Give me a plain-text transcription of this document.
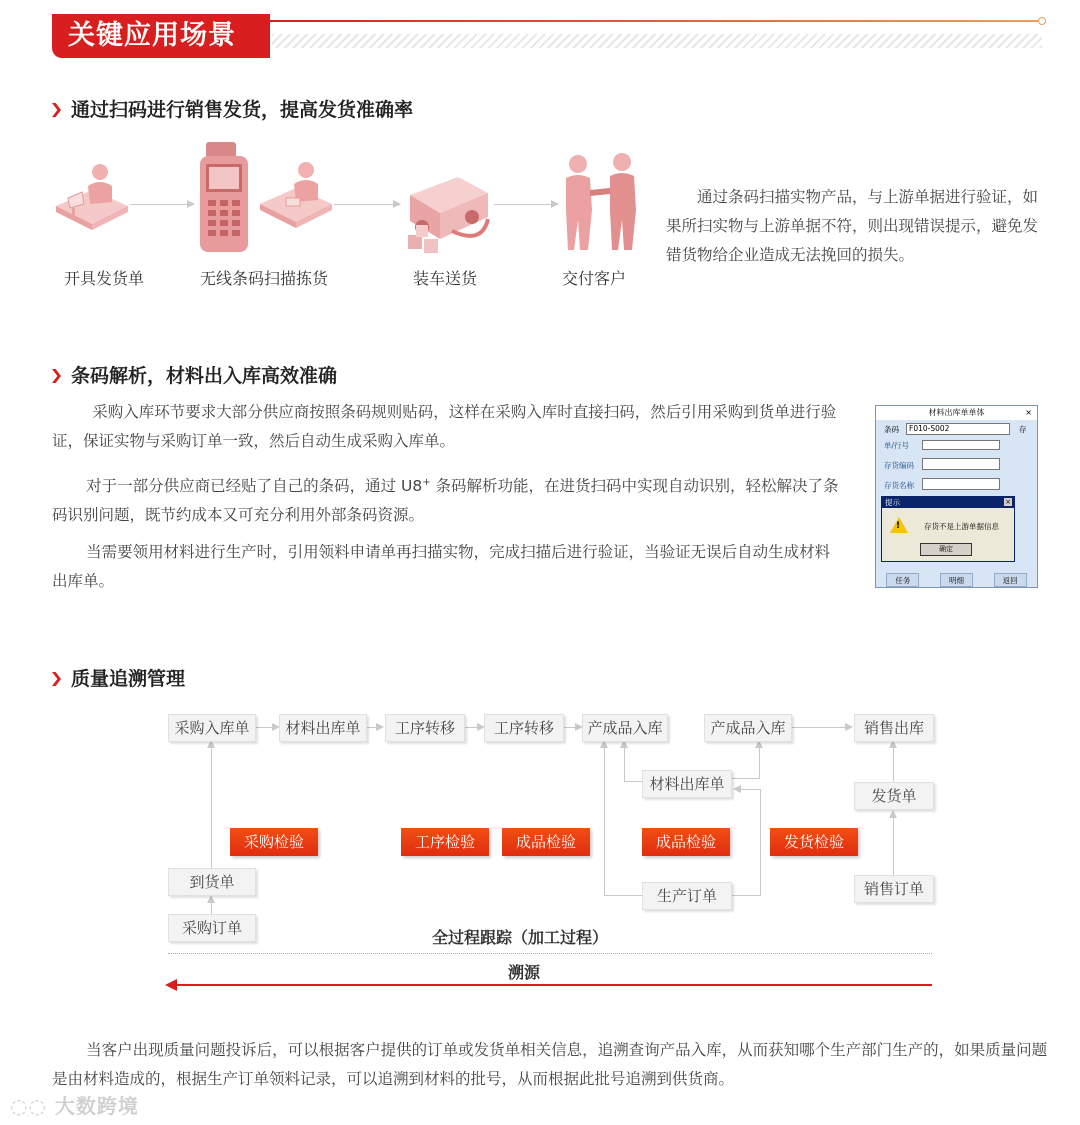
关键应用场景
通过扫码进行销售发货，提高发货准确率
开具发货单	无线条码扫描拣货	装车送货	交付客户
通过条码扫描实物产品，与上游单据进行验证，如果所扫实物与上游单据不符，则出现错误提示，避免发错货物给企业造成无法挽回的损失。
条码解析，材料出入库高效准确
采购入库环节要求大部分供应商按照条码规则贴码，这样在采购入库时直接扫码，然后引用采购到货单进行验证，保证实物与采购订单一致，然后自动生成采购入库单。
对于一部分供应商已经贴了自己的条码，通过 U8+ 条码解析功能，在进货扫码中实现自动识别，轻松解决了条码识别问题，既节约成本又可充分利用外部条码资源。
当需要领用材料进行生产时，引用领料申请单再扫描实物，完成扫描后进行验证，当验证无误后自动生成材料出库单。
材料出库单单体	×
条码	F010-S002	存
单/行号
存货编码
存货名称
提示	×
!	存货不是上游单据信息
确定
任务	明细	返回
质量追溯管理
采购入库单	材料出库单	工序转移	工序转移	产成品入库	产成品入库	销售出库
材料出库单
发货单
到货单
生产订单	销售订单
采购订单
采购检验	工序检验	成品检验	成品检验	发货检验
全过程跟踪（加工过程）
溯源
当客户出现质量问题投诉后，可以根据客户提供的订单或发货单相关信息，追溯查询产品入库，从而获知哪个生产部门生产的，如果质量问题是由材料造成的，根据生产订单领料记录，可以追溯到材料的批号，从而根据此批号追溯到供货商。
◌◌ 大数跨境
